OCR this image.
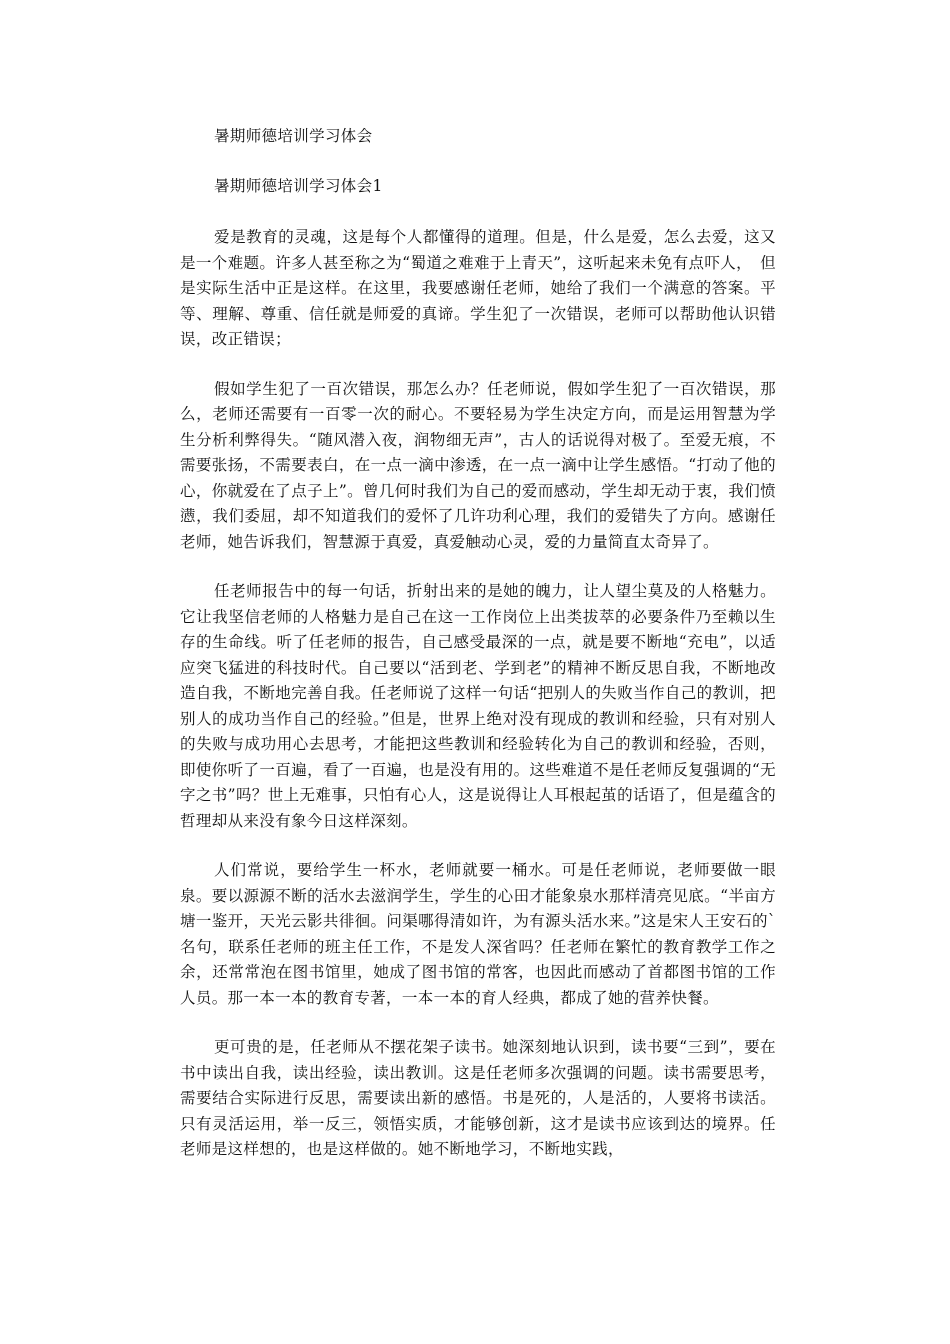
暑期师德培训学习体会
暑期师德培训学习体会1

爱是教育的灵魂，这是每个人都懂得的道理。但是，什么是爱，怎么去爱，这又是一个难题。许多人甚至称之为“蜀道之难难于上青天”，这听起来未免有点吓人，　但是实际生活中正是这样。在这里，我要感谢任老师，她给了我们一个满意的答案。平等、理解、尊重、信任就是师爱的真谛。学生犯了一次错误，老师可以帮助他认识错误，改正错误；

假如学生犯了一百次错误，那怎么办？任老师说，假如学生犯了一百次错误，那么，老师还需要有一百零一次的耐心。不要轻易为学生决定方向，而是运用智慧为学生分析利弊得失。“随风潜入夜，润物细无声”，古人的话说得对极了。至爱无痕，不需要张扬，不需要表白，在一点一滴中渗透，在一点一滴中让学生感悟。“打动了他的心，你就爱在了点子上”。曾几何时我们为自己的爱而感动，学生却无动于衷，我们愤懑，我们委屈，却不知道我们的爱怀了几许功利心理，我们的爱错失了方向。感谢任老师，她告诉我们，智慧源于真爱，真爱触动心灵，爱的力量简直太奇异了。

任老师报告中的每一句话，折射出来的是她的魄力，让人望尘莫及的人格魅力。它让我坚信老师的人格魅力是自己在这一工作岗位上出类拔萃的必要条件乃至赖以生存的生命线。听了任老师的报告，自己感受最深的一点，就是要不断地“充电”，以适应突飞猛进的科技时代。自己要以“活到老、学到老”的精神不断反思自我，不断地改造自我，不断地完善自我。任老师说了这样一句话“把别人的失败当作自己的教训，把别人的成功当作自己的经验。”但是，世界上绝对没有现成的教训和经验，只有对别人的失败与成功用心去思考，才能把这些教训和经验转化为自己的教训和经验，否则，即使你听了一百遍，看了一百遍，也是没有用的。这些难道不是任老师反复强调的“无字之书”吗？世上无难事，只怕有心人，这是说得让人耳根起茧的话语了，但是蕴含的哲理却从来没有象今日这样深刻。

人们常说，要给学生一杯水，老师就要一桶水。可是任老师说，老师要做一眼泉。要以源源不断的活水去滋润学生，学生的心田才能象泉水那样清亮见底。“半亩方塘一鉴开，天光云影共徘徊。问渠哪得清如许，为有源头活水来。”这是宋人王安石的`名句，联系任老师的班主任工作，不是发人深省吗？任老师在繁忙的教育教学工作之余，还常常泡在图书馆里，她成了图书馆的常客，也因此而感动了首都图书馆的工作人员。那一本一本的教育专著，一本一本的育人经典，都成了她的营养快餐。

更可贵的是，任老师从不摆花架子读书。她深刻地认识到，读书要“三到”，要在书中读出自我，读出经验，读出教训。这是任老师多次强调的问题。读书需要思考，需要结合实际进行反思，需要读出新的感悟。书是死的，人是活的，人要将书读活。只有灵活运用，举一反三，领悟实质，才能够创新，这才是读书应该到达的境界。任老师是这样想的，也是这样做的。她不断地学习，不断地实践，
